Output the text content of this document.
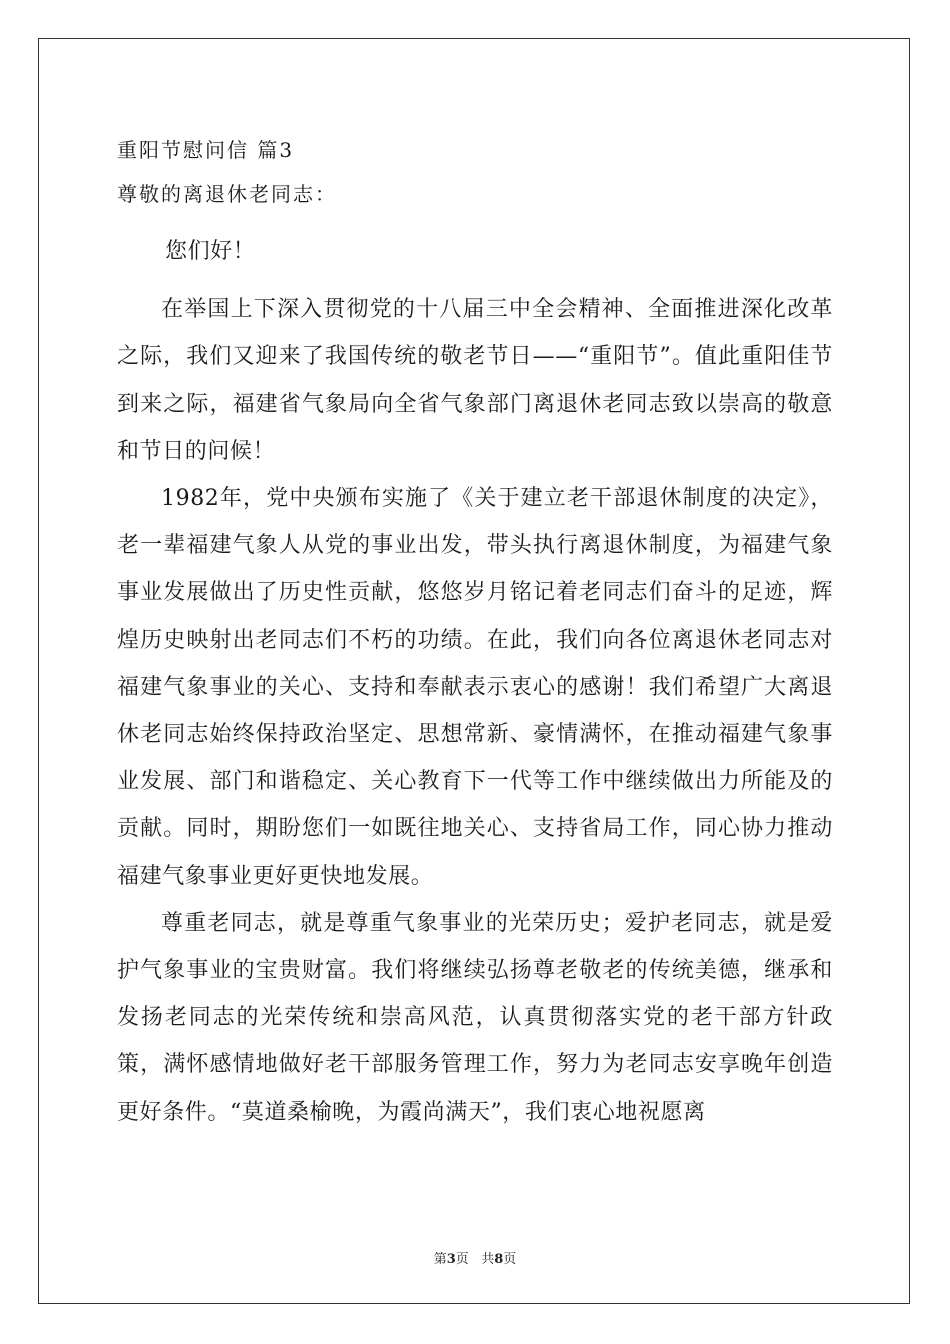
重阳节慰问信 篇3
尊敬的离退休老同志：
您们好！

在举国上下深入贯彻党的十八届三中全会精神、全面推进深化改革之际，我们又迎来了我国传统的敬老节日——“重阳节”。值此重阳佳节到来之际，福建省气象局向全省气象部门离退休老同志致以崇高的敬意和节日的问候！

1982年，党中央颁布实施了《关于建立老干部退休制度的决定》，老一辈福建气象人从党的事业出发，带头执行离退休制度，为福建气象事业发展做出了历史性贡献，悠悠岁月铭记着老同志们奋斗的足迹，辉煌历史映射出老同志们不朽的功绩。在此，我们向各位离退休老同志对福建气象事业的关心、支持和奉献表示衷心的感谢！我们希望广大离退休老同志始终保持政治坚定、思想常新、豪情满怀，在推动福建气象事业发展、部门和谐稳定、关心教育下一代等工作中继续做出力所能及的贡献。同时，期盼您们一如既往地关心、支持省局工作，同心协力推动福建气象事业更好更快地发展。

尊重老同志，就是尊重气象事业的光荣历史；爱护老同志，就是爱护气象事业的宝贵财富。我们将继续弘扬尊老敬老的传统美德，继承和发扬老同志的光荣传统和崇高风范，认真贯彻落实党的老干部方针政策，满怀感情地做好老干部服务管理工作，努力为老同志安享晚年创造更好条件。“莫道桑榆晚，为霞尚满天”，我们衷心地祝愿离

第3页   共8页
